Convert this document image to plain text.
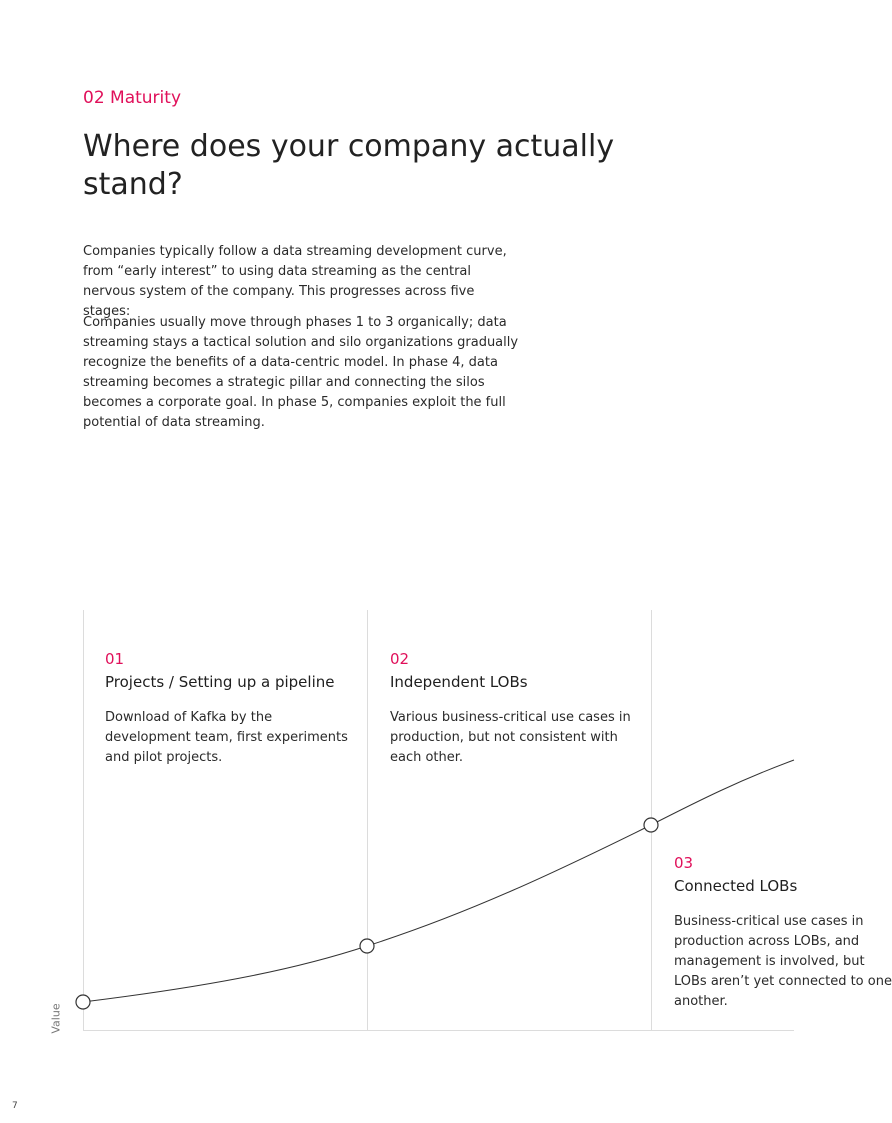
02 Maturity
Where does your company actually stand?

Companies typically follow a data streaming development curve, from “early interest” to using data streaming as the central nervous system of the company. This progresses across five stages:

Companies usually move through phases 1 to 3 organically; data streaming stays a tactical solution and silo organizations gradually recognize the benefits of a data-centric model. In phase 4, data streaming becomes a strategic pillar and connecting the silos becomes a corporate goal. In phase 5, companies exploit the full potential of data streaming.

01
Projects / Setting up a pipeline
Download of Kafka by the development team, first experiments and pilot projects.
02
Independent LOBs
Various business-critical use cases in production, but not consistent with each other.
03
Connected LOBs
Business-critical use cases in
production across LOBs, and
management is involved, but
LOBs aren’t yet connected to one
another.
Value
7
